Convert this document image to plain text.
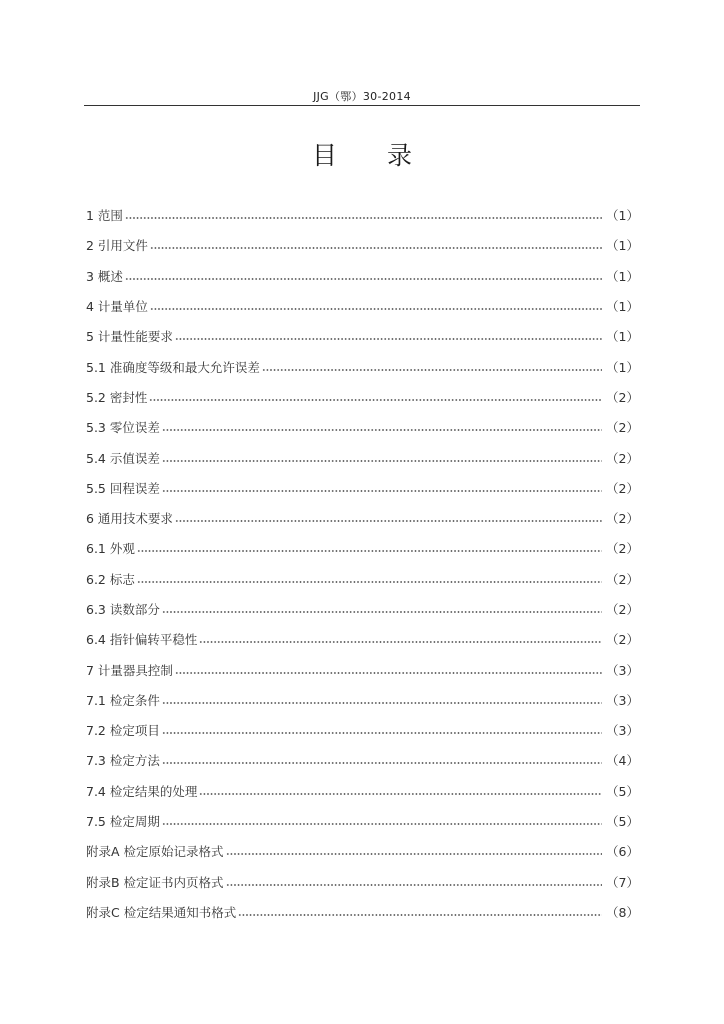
JJG（鄂）30-2014
目 录
1 范围	（1）
2 引用文件	（1）
3 概述	（1）
4 计量单位	（1）
5 计量性能要求	（1）
5.1 准确度等级和最大允许误差	（1）
5.2 密封性	（2）
5.3 零位误差	（2）
5.4 示值误差	（2）
5.5 回程误差	（2）
6 通用技术要求	（2）
6.1 外观	（2）
6.2 标志	（2）
6.3 读数部分	（2）
6.4 指针偏转平稳性	（2）
7 计量器具控制	（3）
7.1 检定条件	（3）
7.2 检定项目	（3）
7.3 检定方法	（4）
7.4 检定结果的处理	（5）
7.5 检定周期	（5）
附录A 检定原始记录格式	（6）
附录B 检定证书内页格式	（7）
附录C 检定结果通知书格式	（8）
